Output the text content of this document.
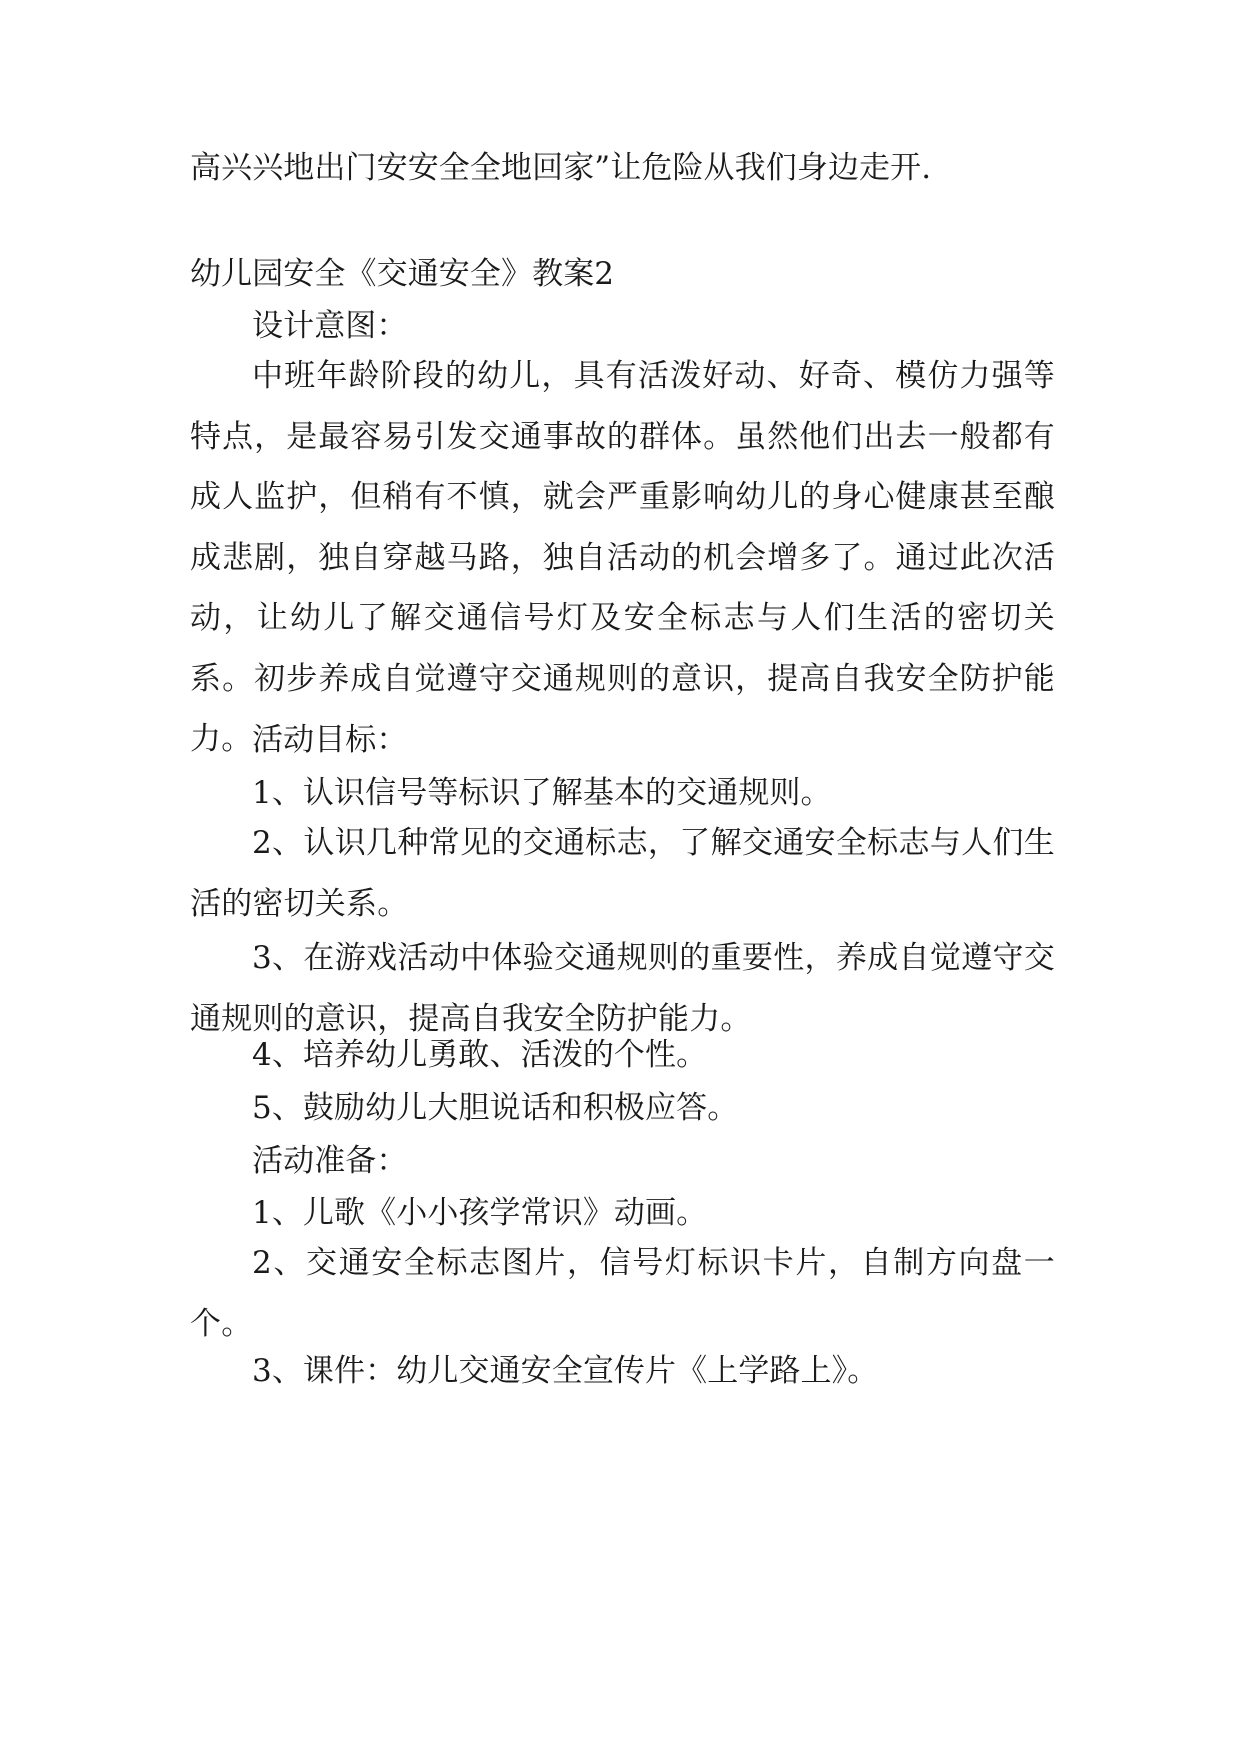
高兴兴地出门安安全全地回家”让危险从我们身边走开.
幼儿园安全《交通安全》教案2
设计意图：
中班年龄阶段的幼儿，具有活泼好动、好奇、模仿力强等特点，是最容易引发交通事故的群体。虽然他们出去一般都有成人监护，但稍有不慎，就会严重影响幼儿的身心健康甚至酿成悲剧，独自穿越马路，独自活动的机会增多了。通过此次活动，让幼儿了解交通信号灯及安全标志与人们生活的密切关系。初步养成自觉遵守交通规则的意识，提高自我安全防护能力。 活动目标：
1、认识信号等标识了解基本的交通规则。
2、认识几种常见的交通标志，了解交通安全标志与人们生活的密切关系。
3、在游戏活动中体验交通规则的重要性，养成自觉遵守交通规则的意识，提高自我安全防护能力。
4、培养幼儿勇敢、活泼的个性。
5、鼓励幼儿大胆说话和积极应答。
活动准备：
1、儿歌《小小孩学常识》动画。
2、交通安全标志图片，信号灯标识卡片，自制方向盘一个。
3、课件：幼儿交通安全宣传片《上学路上》。
